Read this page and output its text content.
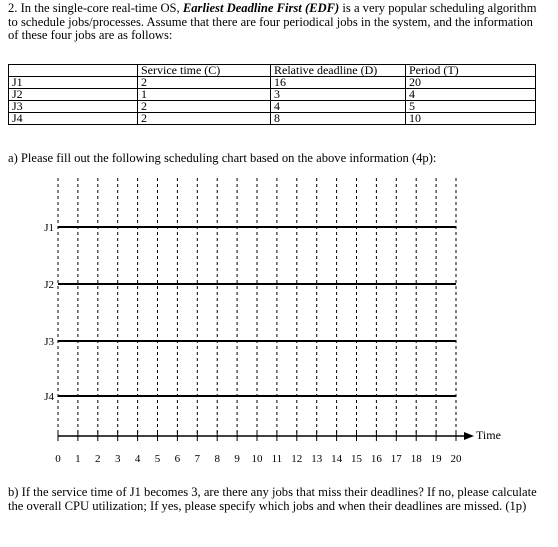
2. In the single-core real-time OS, Earliest Deadline First (EDF) is a very popular scheduling algorithm to schedule jobs/processes. Assume that there are four periodical jobs in the system, and the information of these four jobs are as follows:
	Service time (C)	Relative deadline (D)	Period (T)
J1	2	16	20
J2	1	3	4
J3	2	4	5
J4	2	8	10
a) Please fill out the following scheduling chart based on the above information (4p):
J1
J2
J3
J4
Time
0 1 2 3 4 5 6 7 8 9 10 11 12 13 14 15 16 17 18 19 20
b) If the service time of J1 becomes 3, are there any jobs that miss their deadlines? If no, please calculate the overall CPU utilization; If yes, please specify which jobs and when their deadlines are missed. (1p)
